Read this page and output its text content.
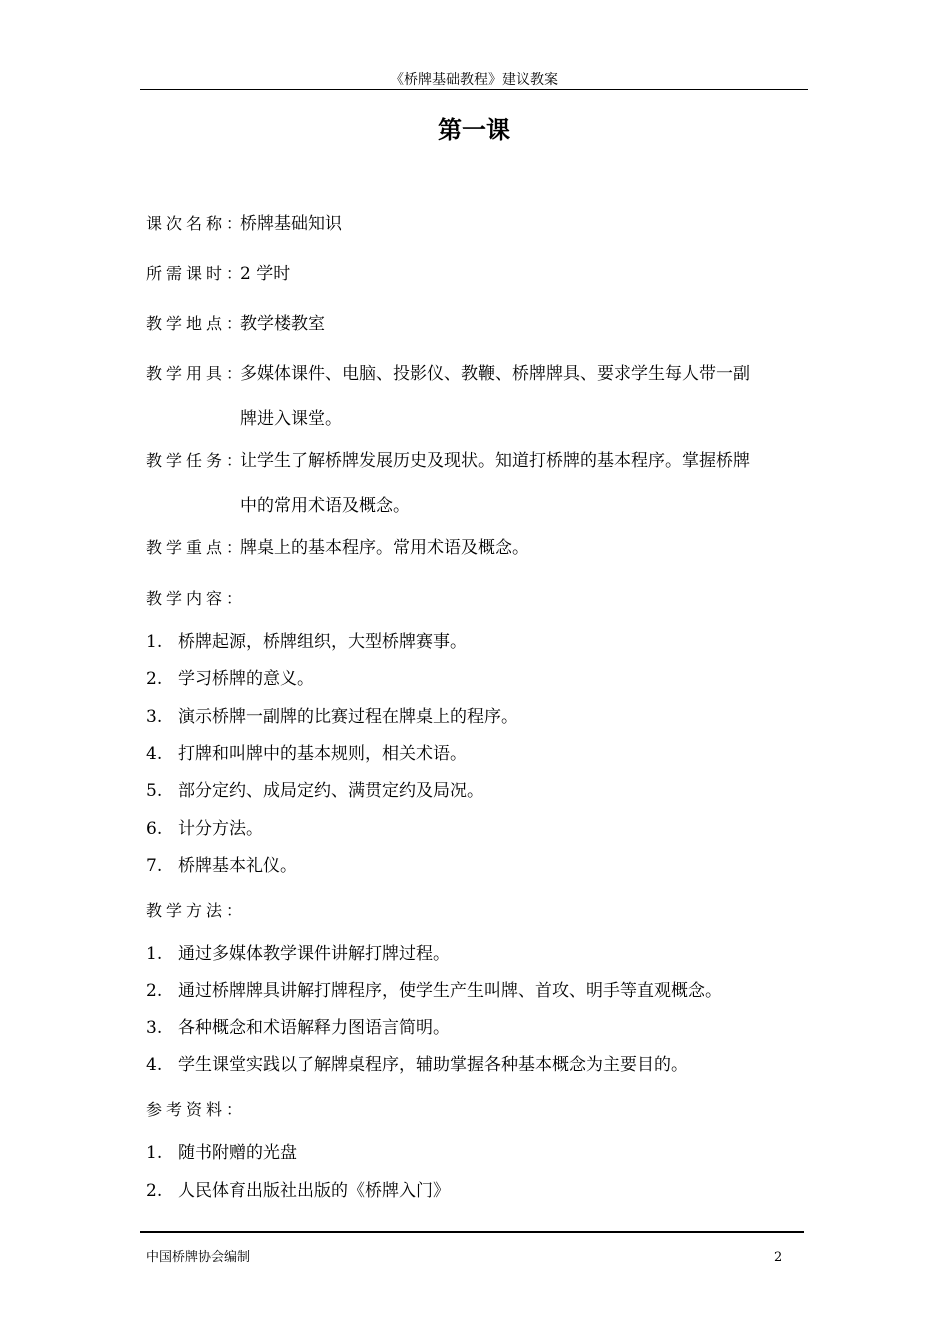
《桥牌基础教程》建议教案
第一课
课次名称：
桥牌基础知识
所需课时：
2 学时
教学地点：
教学楼教室
教学用具：
多媒体课件、电脑、投影仪、教鞭、桥牌牌具、要求学生每人带一副
牌进入课堂。
教学任务：
让学生了解桥牌发展历史及现状。知道打桥牌的基本程序。掌握桥牌
中的常用术语及概念。
教学重点：
牌桌上的基本程序。常用术语及概念。
教学内容：
1. 桥牌起源，桥牌组织，大型桥牌赛事。
2. 学习桥牌的意义。
3. 演示桥牌一副牌的比赛过程在牌桌上的程序。
4. 打牌和叫牌中的基本规则，相关术语。
5. 部分定约、成局定约、满贯定约及局况。
6. 计分方法。
7. 桥牌基本礼仪。
教学方法：
1. 通过多媒体教学课件讲解打牌过程。
2. 通过桥牌牌具讲解打牌程序，使学生产生叫牌、首攻、明手等直观概念。
3. 各种概念和术语解释力图语言简明。
4. 学生课堂实践以了解牌桌程序，辅助掌握各种基本概念为主要目的。
参考资料：
1. 随书附赠的光盘
2. 人民体育出版社出版的《桥牌入门》
中国桥牌协会编制	2
